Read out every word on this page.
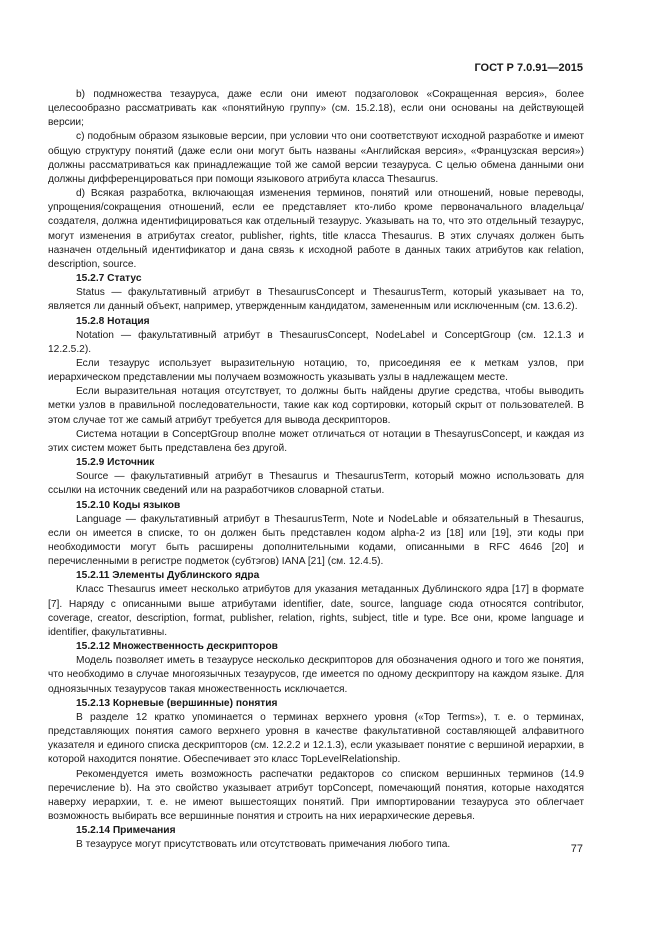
ГОСТ Р 7.0.91—2015

b) подмножества тезауруса, даже если они имеют подзаголовок «Сокращенная версия», более целесообразно рассматривать как «понятийную группу» (см. 15.2.18), если они основаны на действующей версии;

c) подобным образом языковые версии, при условии что они соответствуют исходной разработке и имеют общую структуру понятий (даже если они могут быть названы «Английская версия», «Французская версия») должны рассматриваться как принадлежащие той же самой версии тезауруса. С целью обмена данными они должны дифференцироваться при помощи языкового атрибута класса Thesaurus.

d) Всякая разработка, включающая изменения терминов, понятий или отношений, новые переводы, упрощения/сокращения отношений, если ее представляет кто-либо кроме первоначального владельца/создателя, должна идентифицироваться как отдельный тезаурус. Указывать на то, что это отдельный тезаурус, могут изменения в атрибутах creator, publisher, rights, title класса Thesaurus. В этих случаях должен быть назначен отдельный идентификатор и дана связь к исходной работе в данных таких атрибутов как relation, description, source.

15.2.7 Статус

Status — факультативный атрибут в ThesaurusConcept и ThesaurusTerm, который указывает на то, является ли данный объект, например, утвержденным кандидатом, замененным или исключенным (см. 13.6.2).

15.2.8 Нотация

Notation — факультативный атрибут в ThesaurusConcept, NodeLabel и ConceptGroup (см. 12.1.3 и 12.2.5.2).

Если тезаурус использует выразительную нотацию, то, присоединяя ее к меткам узлов, при иерархическом представлении мы получаем возможность указывать узлы в надлежащем месте.

Если выразительная нотация отсутствует, то должны быть найдены другие средства, чтобы выводить метки узлов в правильной последовательности, такие как код сортировки, который скрыт от пользователей. В этом случае тот же самый атрибут требуется для вывода дескрипторов.

Система нотации в ConceptGroup вполне может отличаться от нотации в ThesayrusConcept, и каждая из этих систем может быть представлена без другой.

15.2.9 Источник

Source — факультативный атрибут в Thesaurus и ThesaurusTerm, который можно использовать для ссылки на источник сведений или на разработчиков словарной статьи.

15.2.10 Коды языков

Language — факультативный атрибут в ThesaurusTerm, Note и NodeLable и обязательный в Thesaurus, если он имеется в списке, то он должен быть представлен кодом alpha-2 из [18] или [19], эти коды при необходимости могут быть расширены дополнительными кодами, описанными в RFC 4646 [20] и перечисленными в регистре подметок (субтэгов) IANA [21] (см. 12.4.5).

15.2.11 Элементы Дублинского ядра

Класс Thesaurus имеет несколько атрибутов для указания метаданных Дублинского ядра [17] в формате [7]. Наряду с описанными выше атрибутами identifier, date, source, language сюда относятся contributor, coverage, creator, description, format, publisher, relation, rights, subject, title и type. Все они, кроме language и identifier, факультативны.

15.2.12 Множественность дескрипторов

Модель позволяет иметь в тезаурусе несколько дескрипторов для обозначения одного и того же понятия, что необходимо в случае многоязычных тезаурусов, где имеется по одному дескриптору на каждом языке. Для одноязычных тезаурусов такая множественность исключается.

15.2.13 Корневые (вершинные) понятия

В разделе 12 кратко упоминается о терминах верхнего уровня («Top Terms»), т. е. о терминах, представляющих понятия самого верхнего уровня в качестве факультативной составляющей алфавитного указателя и единого списка дескрипторов (см. 12.2.2 и 12.1.3), если указывает понятие с вершиной иерархии, в которой находится понятие. Обеспечивает это класс TopLevelRelationship.

Рекомендуется иметь возможность распечатки редакторов со списком вершинных терминов (14.9 перечисление b). На это свойство указывает атрибут topConcept, помечающий понятия, которые находятся наверху иерархии, т. е. не имеют вышестоящих понятий. При импортировании тезауруса это облегчает возможность выбирать все вершинные понятия и строить на них иерархические деревья.

15.2.14 Примечания

В тезаурусе могут присутствовать или отсутствовать примечания любого типа.	77
